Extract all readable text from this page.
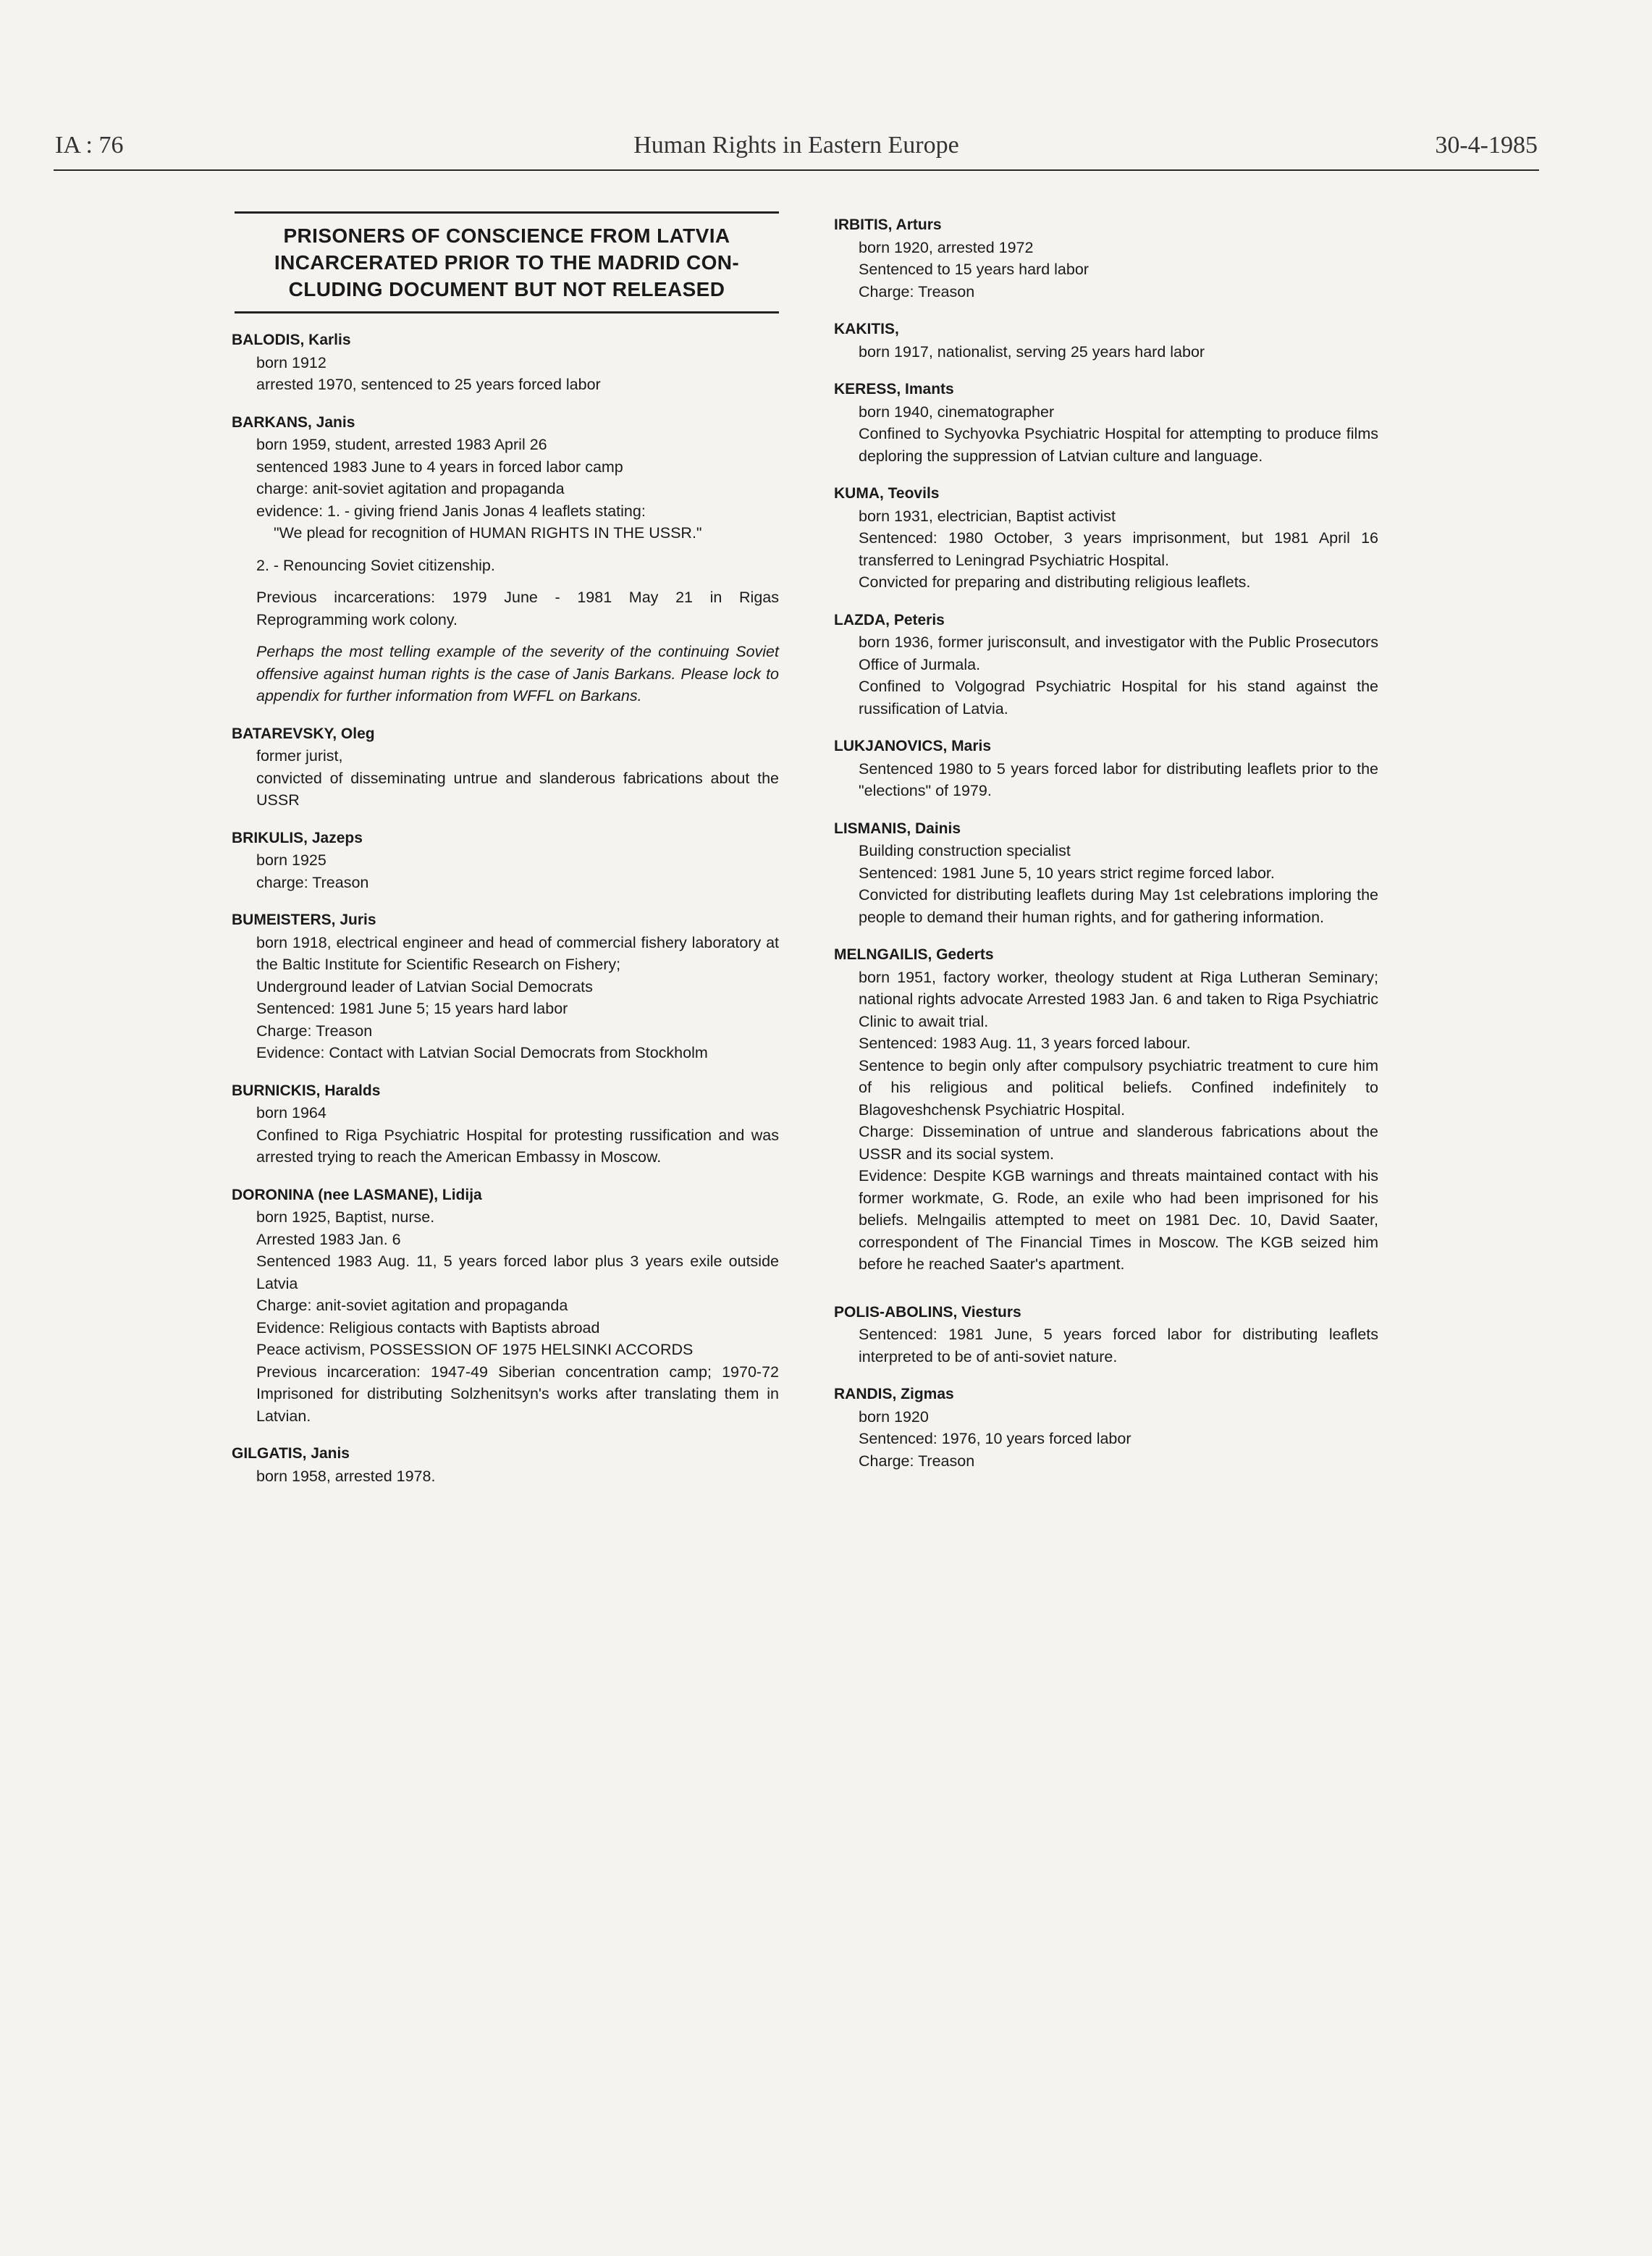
IA : 76	Human Rights in Eastern Europe	30-4-1985
PRISONERS OF CONSCIENCE FROM LATVIA INCARCERATED PRIOR TO THE MADRID CON-CLUDING DOCUMENT BUT NOT RELEASED
BALODIS, Karlis
born 1912
arrested 1970, sentenced to 25 years forced labor
BARKANS, Janis
born 1959, student, arrested 1983 April 26
sentenced 1983 June to 4 years in forced labor camp
charge: anit-soviet agitation and propaganda
evidence: 1. - giving friend Janis Jonas 4 leaflets stating:
"We plead for recognition of HUMAN RIGHTS IN THE USSR."
2. - Renouncing Soviet citizenship.
Previous incarcerations: 1979 June - 1981 May 21 in Rigas Reprogramming work colony.
Perhaps the most telling example of the severity of the continuing Soviet offensive against human rights is the case of Janis Barkans. Please lock to appendix for further information from WFFL on Barkans.
BATAREVSKY, Oleg
former jurist,
convicted of disseminating untrue and slanderous fabrications about the USSR
BRIKULIS, Jazeps
born 1925
charge: Treason
BUMEISTERS, Juris
born 1918, electrical engineer and head of commercial fishery laboratory at the Baltic Institute for Scientific Research on Fishery;
Underground leader of Latvian Social Democrats
Sentenced: 1981 June 5; 15 years hard labor
Charge: Treason
Evidence: Contact with Latvian Social Democrats from Stockholm
BURNICKIS, Haralds
born 1964
Confined to Riga Psychiatric Hospital for protesting russification and was arrested trying to reach the American Embassy in Moscow.
DORONINA (nee LASMANE), Lidija
born 1925, Baptist, nurse.
Arrested 1983 Jan. 6
Sentenced 1983 Aug. 11, 5 years forced labor plus 3 years exile outside Latvia
Charge: anit-soviet agitation and propaganda
Evidence: Religious contacts with Baptists abroad
Peace activism, POSSESSION OF 1975 HELSINKI ACCORDS
Previous incarceration: 1947-49 Siberian concentration camp; 1970-72 Imprisoned for distributing Solzhenitsyn's works after translating them in Latvian.
GILGATIS, Janis
born 1958, arrested 1978.
IRBITIS, Arturs
born 1920, arrested 1972
Sentenced to 15 years hard labor
Charge: Treason
KAKITIS,
born 1917, nationalist, serving 25 years hard labor
KERESS, Imants
born 1940, cinematographer
Confined to Sychyovka Psychiatric Hospital for attempting to produce films deploring the suppression of Latvian culture and language.
KUMA, Teovils
born 1931, electrician, Baptist activist
Sentenced: 1980 October, 3 years imprisonment, but 1981 April 16 transferred to Leningrad Psychiatric Hospital.
Convicted for preparing and distributing religious leaflets.
LAZDA, Peteris
born 1936, former jurisconsult, and investigator with the Public Prosecutors Office of Jurmala.
Confined to Volgograd Psychiatric Hospital for his stand against the russification of Latvia.
LUKJANOVICS, Maris
Sentenced 1980 to 5 years forced labor for distributing leaflets prior to the "elections" of 1979.
LISMANIS, Dainis
Building construction specialist
Sentenced: 1981 June 5, 10 years strict regime forced labor.
Convicted for distributing leaflets during May 1st celebrations imploring the people to demand their human rights, and for gathering information.
MELNGAILIS, Gederts
born 1951, factory worker, theology student at Riga Lutheran Seminary; national rights advocate Arrested 1983 Jan. 6 and taken to Riga Psychiatric Clinic to await trial.
Sentenced: 1983 Aug. 11, 3 years forced labour.
Sentence to begin only after compulsory psychiatric treatment to cure him of his religious and political beliefs. Confined indefinitely to Blagoveshchensk Psychiatric Hospital.
Charge: Dissemination of untrue and slanderous fabrications about the USSR and its social system.
Evidence: Despite KGB warnings and threats maintained contact with his former workmate, G. Rode, an exile who had been imprisoned for his beliefs. Melngailis attempted to meet on 1981 Dec. 10, David Saater, correspondent of The Financial Times in Moscow. The KGB seized him before he reached Saater's apartment.
POLIS-ABOLINS, Viesturs
Sentenced: 1981 June, 5 years forced labor for distributing leaflets interpreted to be of anti-soviet nature.
RANDIS, Zigmas
born 1920
Sentenced: 1976, 10 years forced labor
Charge: Treason
